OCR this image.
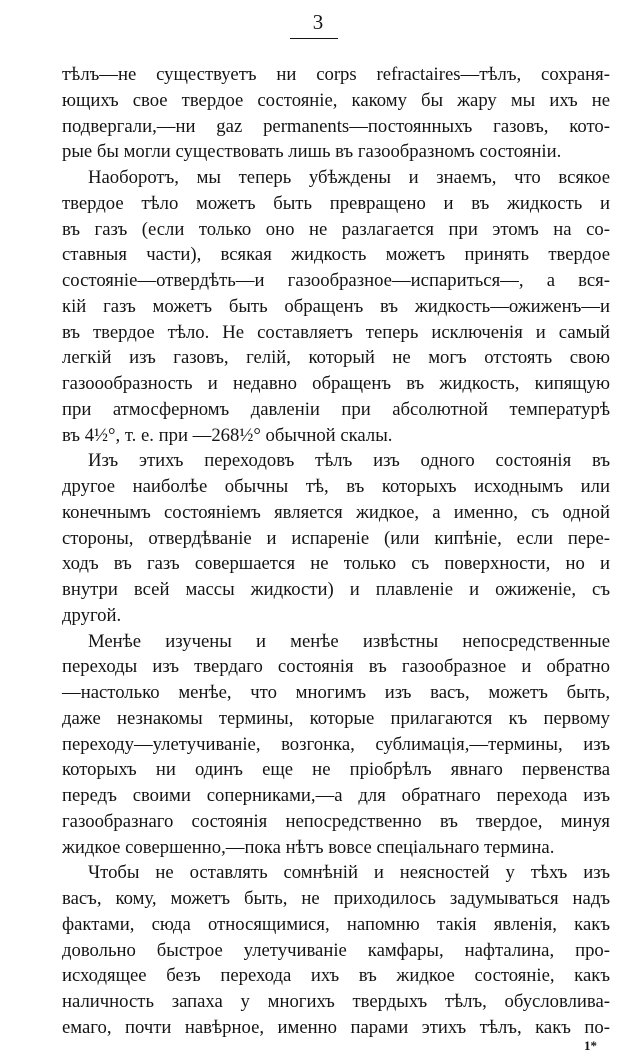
3
тѣлъ—не существуетъ ни corps refractaires—тѣлъ, сохраня-
ющихъ свое твердое состояніе, какому бы жару мы ихъ не
подвергали,—ни gaz permanents—постоянныхъ газовъ, кото-
рые бы могли существовать лишь въ газообразномъ состояніи.
Наоборотъ, мы теперь убѣждены и знаемъ, что всякое
твердое тѣло можетъ быть превращено и въ жидкость и
въ газъ (если только оно не разлагается при этомъ на со-
ставныя части), всякая жидкость можетъ принять твердое
состояніе—отвердѣть—и газообразное—испариться—, а вся-
кій газъ можетъ быть обращенъ въ жидкость—ожиженъ—и
въ твердое тѣло. Не составляетъ теперь исключенія и самый
легкій изъ газовъ, гелій, который не могъ отстоять свою
газоообразность и недавно обращенъ въ жидкость, кипящую
при атмосферномъ давленіи при абсолютной температурѣ
въ 4½°, т. е. при —268½° обычной скалы.
Изъ этихъ переходовъ тѣлъ изъ одного состоянія въ
другое наиболѣе обычны тѣ, въ которыхъ исходнымъ или
конечнымъ состояніемъ является жидкое, а именно, съ одной
стороны, отвердѣваніе и испареніе (или кипѣніе, если пере-
ходъ въ газъ совершается не только съ поверхности, но и
внутри всей массы жидкости) и плавленіе и ожиженіе, съ
другой.
Менѣе изучены и менѣе извѣстны непосредственные
переходы изъ твердаго состоянія въ газообразное и обратно
—настолько менѣе, что многимъ изъ васъ, можетъ быть,
даже незнакомы термины, которые прилагаются къ первому
переходу—улетучиваніе, возгонка, сублимація,—термины, изъ
которыхъ ни одинъ еще не пріобрѣлъ явнаго первенства
передъ своими соперниками,—а для обратнаго перехода изъ
газообразнаго состоянія непосредственно въ твердое, минуя
жидкое совершенно,—пока нѣтъ вовсе спеціальнаго термина.
Чтобы не оставлять сомнѣній и неясностей у тѣхъ изъ
васъ, кому, можетъ быть, не приходилось задумываться надъ
фактами, сюда относящимися, напомню такія явленія, какъ
довольно быстрое улетучиваніе камфары, нафталина, про-
исходящее безъ перехода ихъ въ жидкое состояніе, какъ
наличность запаха у многихъ твердыхъ тѣлъ, обусловлива-
емаго, почти навѣрное, именно парами этихъ тѣлъ, какъ по-
1*
